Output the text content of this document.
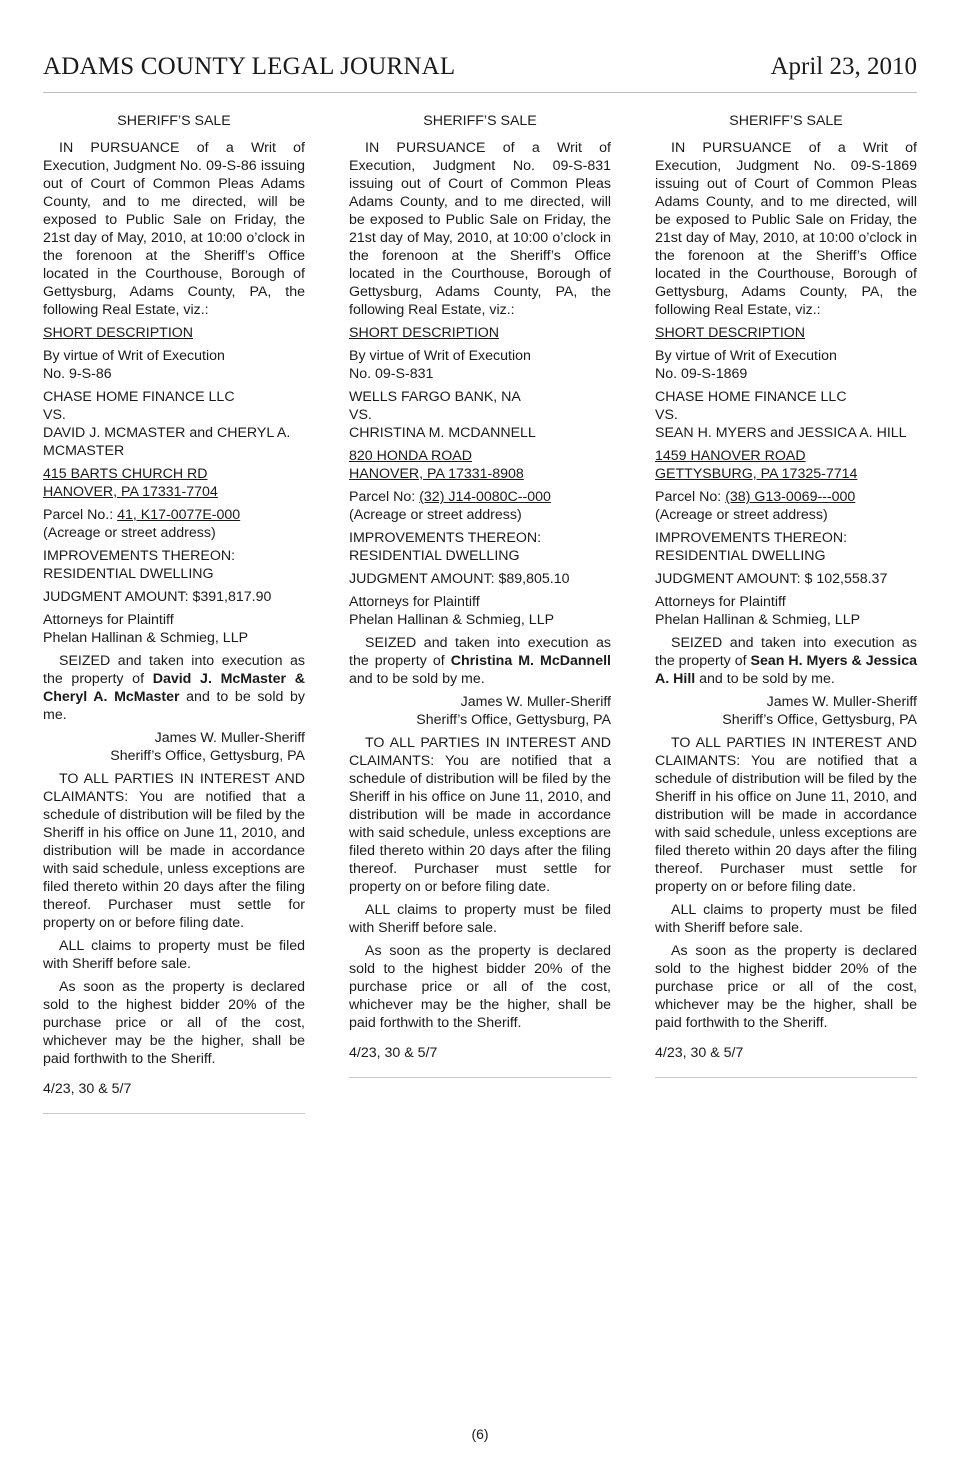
ADAMS COUNTY LEGAL JOURNAL	April 23, 2010

SHERIFF’S SALE

IN PURSUANCE of a Writ of Execution, Judgment No. 09-S-86 issuing out of Court of Common Pleas Adams County, and to me directed, will be exposed to Public Sale on Friday, the 21st day of May, 2010, at 10:00 o’clock in the forenoon at the Sheriff’s Office located in the Courthouse, Borough of Gettysburg, Adams County, PA, the following Real Estate, viz.:

SHORT DESCRIPTION

By virtue of Writ of Execution
No. 9-S-86

CHASE HOME FINANCE LLC
VS.
DAVID J. MCMASTER and CHERYL A. MCMASTER

415 BARTS CHURCH RD
HANOVER, PA 17331-7704

Parcel No.: 41, K17-0077E-000
(Acreage or street address)

IMPROVEMENTS THEREON:
RESIDENTIAL DWELLING

JUDGMENT AMOUNT: $391,817.90

Attorneys for Plaintiff
Phelan Hallinan & Schmieg, LLP

SEIZED and taken into execution as the property of David J. McMaster & Cheryl A. McMaster and to be sold by me.

James W. Muller-Sheriff
Sheriff’s Office, Gettysburg, PA

TO ALL PARTIES IN INTEREST AND CLAIMANTS: You are notified that a schedule of distribution will be filed by the Sheriff in his office on June 11, 2010, and distribution will be made in accordance with said schedule, unless exceptions are filed thereto within 20 days after the filing thereof. Purchaser must settle for property on or before filing date.

ALL claims to property must be filed with Sheriff before sale.

As soon as the property is declared sold to the highest bidder 20% of the purchase price or all of the cost, whichever may be the higher, shall be paid forthwith to the Sheriff.

4/23, 30 & 5/7

SHERIFF’S SALE

IN PURSUANCE of a Writ of Execution, Judgment No. 09-S-831 issuing out of Court of Common Pleas Adams County, and to me directed, will be exposed to Public Sale on Friday, the 21st day of May, 2010, at 10:00 o’clock in the forenoon at the Sheriff’s Office located in the Courthouse, Borough of Gettysburg, Adams County, PA, the following Real Estate, viz.:

SHORT DESCRIPTION

By virtue of Writ of Execution
No. 09-S-831

WELLS FARGO BANK, NA
VS.
CHRISTINA M. MCDANNELL

820 HONDA ROAD
HANOVER, PA 17331-8908

Parcel No: (32) J14-0080C--000
(Acreage or street address)

IMPROVEMENTS THEREON:
RESIDENTIAL DWELLING

JUDGMENT AMOUNT: $89,805.10

Attorneys for Plaintiff
Phelan Hallinan & Schmieg, LLP

SEIZED and taken into execution as the property of Christina M. McDannell and to be sold by me.

James W. Muller-Sheriff
Sheriff’s Office, Gettysburg, PA

TO ALL PARTIES IN INTEREST AND CLAIMANTS: You are notified that a schedule of distribution will be filed by the Sheriff in his office on June 11, 2010, and distribution will be made in accordance with said schedule, unless exceptions are filed thereto within 20 days after the filing thereof. Purchaser must settle for property on or before filing date.

ALL claims to property must be filed with Sheriff before sale.

As soon as the property is declared sold to the highest bidder 20% of the purchase price or all of the cost, whichever may be the higher, shall be paid forthwith to the Sheriff.

4/23, 30 & 5/7

SHERIFF’S SALE

IN PURSUANCE of a Writ of Execution, Judgment No. 09-S-1869 issuing out of Court of Common Pleas Adams County, and to me directed, will be exposed to Public Sale on Friday, the 21st day of May, 2010, at 10:00 o’clock in the forenoon at the Sheriff’s Office located in the Courthouse, Borough of Gettysburg, Adams County, PA, the following Real Estate, viz.:

SHORT DESCRIPTION

By virtue of Writ of Execution
No. 09-S-1869

CHASE HOME FINANCE LLC
VS.
SEAN H. MYERS and JESSICA A. HILL

1459 HANOVER ROAD
GETTYSBURG, PA 17325-7714

Parcel No: (38) G13-0069---000
(Acreage or street address)

IMPROVEMENTS THEREON:
RESIDENTIAL DWELLING

JUDGMENT AMOUNT: $ 102,558.37

Attorneys for Plaintiff
Phelan Hallinan & Schmieg, LLP

SEIZED and taken into execution as the property of Sean H. Myers & Jessica A. Hill and to be sold by me.

James W. Muller-Sheriff
Sheriff’s Office, Gettysburg, PA

TO ALL PARTIES IN INTEREST AND CLAIMANTS: You are notified that a schedule of distribution will be filed by the Sheriff in his office on June 11, 2010, and distribution will be made in accordance with said schedule, unless exceptions are filed thereto within 20 days after the filing thereof. Purchaser must settle for property on or before filing date.

ALL claims to property must be filed with Sheriff before sale.

As soon as the property is declared sold to the highest bidder 20% of the purchase price or all of the cost, whichever may be the higher, shall be paid forthwith to the Sheriff.

4/23, 30 & 5/7

(6)
